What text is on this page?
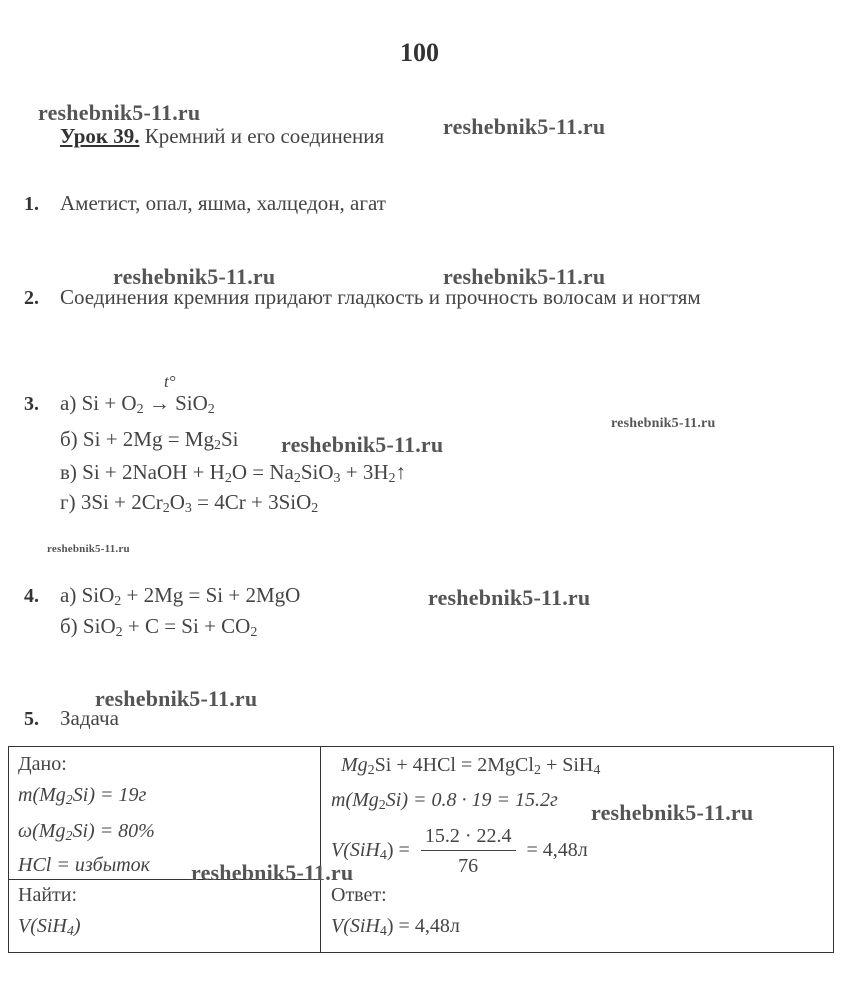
100
reshebnik5-11.ru
reshebnik5-11.ru
reshebnik5-11.ru	reshebnik5-11.ru
reshebnik5-11.ru
reshebnik5-11.ru
reshebnik5-11.ru
reshebnik5-11.ru
reshebnik5-11.ru
Урок 39. Кремний и его соединения
1. Аметист, опал, яшма, халцедон, агат
2. Соединения кремния придают гладкость и прочность волосам и ногтям
3.
t°
а) $Si + O_2 \to SiO_2$
б) $Si + 2Mg = Mg_2Si$
в) Si + 2NaOH + $H_2O = Na_2SiO_3$ + $3H_2↑$
г) $3Si + 2Cr_2O_3 = 4Cr + 3SiO_2$
4. а) SiO$_2$ + 2Mg = Si + 2MgO
б) $SiO_2 + C = Si + CO_2$
5. Задача
Дано:
$m(Mg_2Si) = 19г$
$\omega(Mg_2Si) = 80\%$
HCl = избыток
Найти:
V(SiH$_4$)
$Mg_2Si + 4HCl$ = 2MgCl$_2$ + SiH$_4$
$m(Mg_2Si) = 0.8 \cdot 19 = 15.2г$
$V(SiH_4) = \frac{15.2 \cdot 22.4}{76} = 4,48л$
Ответ:
V(SiH$_4$) = 4,48л
reshebnik5-11.ru
reshebnik5-11.ru
